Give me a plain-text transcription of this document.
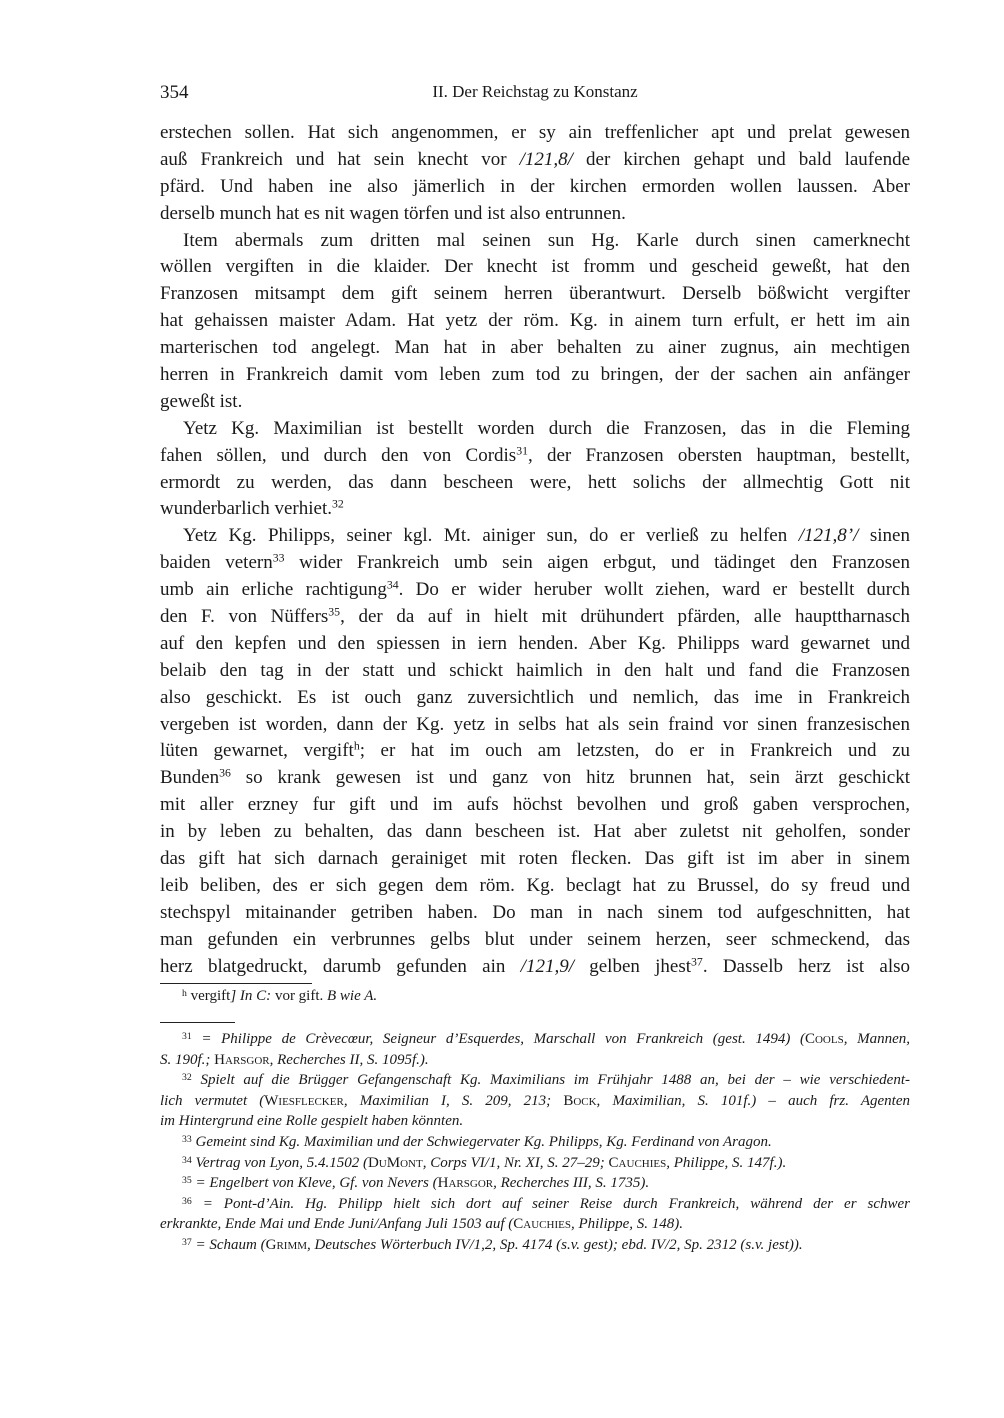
354	II. Der Reichstag zu Konstanz
erstechen sollen. Hat sich angenommen, er sy ain treffenlicher apt und prelat gewesen
auß Frankreich und hat sein knecht vor /121,8/ der kirchen gehapt und bald laufende
pfärd. Und haben ine also jämerlich in der kirchen ermorden wollen laussen. Aber
derselb munch hat es nit wagen törfen und ist also entrunnen.
Item abermals zum dritten mal seinen sun Hg. Karle durch sinen camerknecht
wöllen vergiften in die klaider. Der knecht ist fromm und gescheid geweßt, hat den
Franzosen mitsampt dem gift seinem herren überantwurt. Derselb bößwicht vergifter
hat gehaissen maister Adam. Hat yetz der röm. Kg. in ainem turn erfult, er hett im ain
marterischen tod angelegt. Man hat in aber behalten zu ainer zugnus, ain mechtigen
herren in Frankreich damit vom leben zum tod zu bringen, der der sachen ain anfänger
geweßt ist.
Yetz Kg. Maximilian ist bestellt worden durch die Franzosen, das in die Fleming
fahen söllen, und durch den von Cordis$^{31}$, der Franzosen obersten hauptman, bestellt,
ermordt zu werden, das dann bescheen were, hett solichs der allmechtig Gott nit
wunderbarlich verhiet.$^{32}$
Yetz Kg. Philipps, seiner kgl. Mt. ainiger sun, do er verließ zu helfen /121,8’/ sinen
baiden vetern$^{33}$ wider Frankreich umb sein aigen erbgut, und tädinget den Franzosen
umb ain erliche rachtigung$^{34}$. Do er wider heruber wollt ziehen, ward er bestellt durch
den F. von Nüffers$^{35}$, der da auf in hielt mit drühundert pfärden, alle haupttharnasch
auf den kepfen und den spiessen in iern henden. Aber Kg. Philipps ward gewarnet und
belaib den tag in der statt und schickt haimlich in den halt und fand die Franzosen
also geschickt. Es ist ouch ganz zuversichtlich und nemlich, das ime in Frankreich
vergeben ist worden, dann der Kg. yetz in selbs hat als sein fraind vor sinen franzesischen
lüten gewarnet, vergift$^h$; er hat im ouch am letzsten, do er in Frankreich und zu
Bunden$^{36}$ so krank gewesen ist und ganz von hitz brunnen hat, sein ärzt geschickt
mit aller erzney fur gift und im aufs höchst bevolhen und groß gaben versprochen,
in by leben zu behalten, das dann bescheen ist. Hat aber zuletst nit geholfen, sonder
das gift hat sich darnach gerainiget mit roten flecken. Das gift ist im aber in sinem
leib beliben, des er sich gegen dem röm. Kg. beclagt hat zu Brussel, do sy freud und
stechspyl mitainander getriben haben. Do man in nach sinem tod aufgeschnitten, hat
man gefunden ein verbrunnes gelbs blut under seinem herzen, seer schmeckend, das
herz blatgedruckt, darumb gefunden ain /121,9/ gelben jhest$^{37}$. Dasselb herz ist also
$^h$ vergift] In C: vor gift. B wie A.
$^{31}$ = Philippe de Crèvecœur, Seigneur d’Esquerdes, Marschall von Frankreich (gest. 1494) (Cools, Mannen,
S. 190f.; Harsgor, Recherches II, S. 1095f.).
$^{32}$ Spielt auf die Brügger Gefangenschaft Kg. Maximilians im Frühjahr 1488 an, bei der – wie verschiedent-
lich vermutet (Wiesflecker, Maximilian I, S. 209, 213; Bock, Maximilian, S. 101f.) – auch frz. Agenten
im Hintergrund eine Rolle gespielt haben könnten.
$^{33}$ Gemeint sind Kg. Maximilian und der Schwiegervater Kg. Philipps, Kg. Ferdinand von Aragon.
$^{34}$ Vertrag von Lyon, 5.4.1502 (DuMont, Corps VI/1, Nr. XI, S. 27–29; Cauchies, Philippe, S. 147f.).
$^{35}$ = Engelbert von Kleve, Gf. von Nevers (Harsgor, Recherches III, S. 1735).
$^{36}$ = Pont-d’Ain. Hg. Philipp hielt sich dort auf seiner Reise durch Frankreich, während der er schwer
erkrankte, Ende Mai und Ende Juni/Anfang Juli 1503 auf (Cauchies, Philippe, S. 148).
$^{37}$ = Schaum (Grimm, Deutsches Wörterbuch IV/1,2, Sp. 4174 (s.v. gest); ebd. IV/2, Sp. 2312 (s.v. jest)).
